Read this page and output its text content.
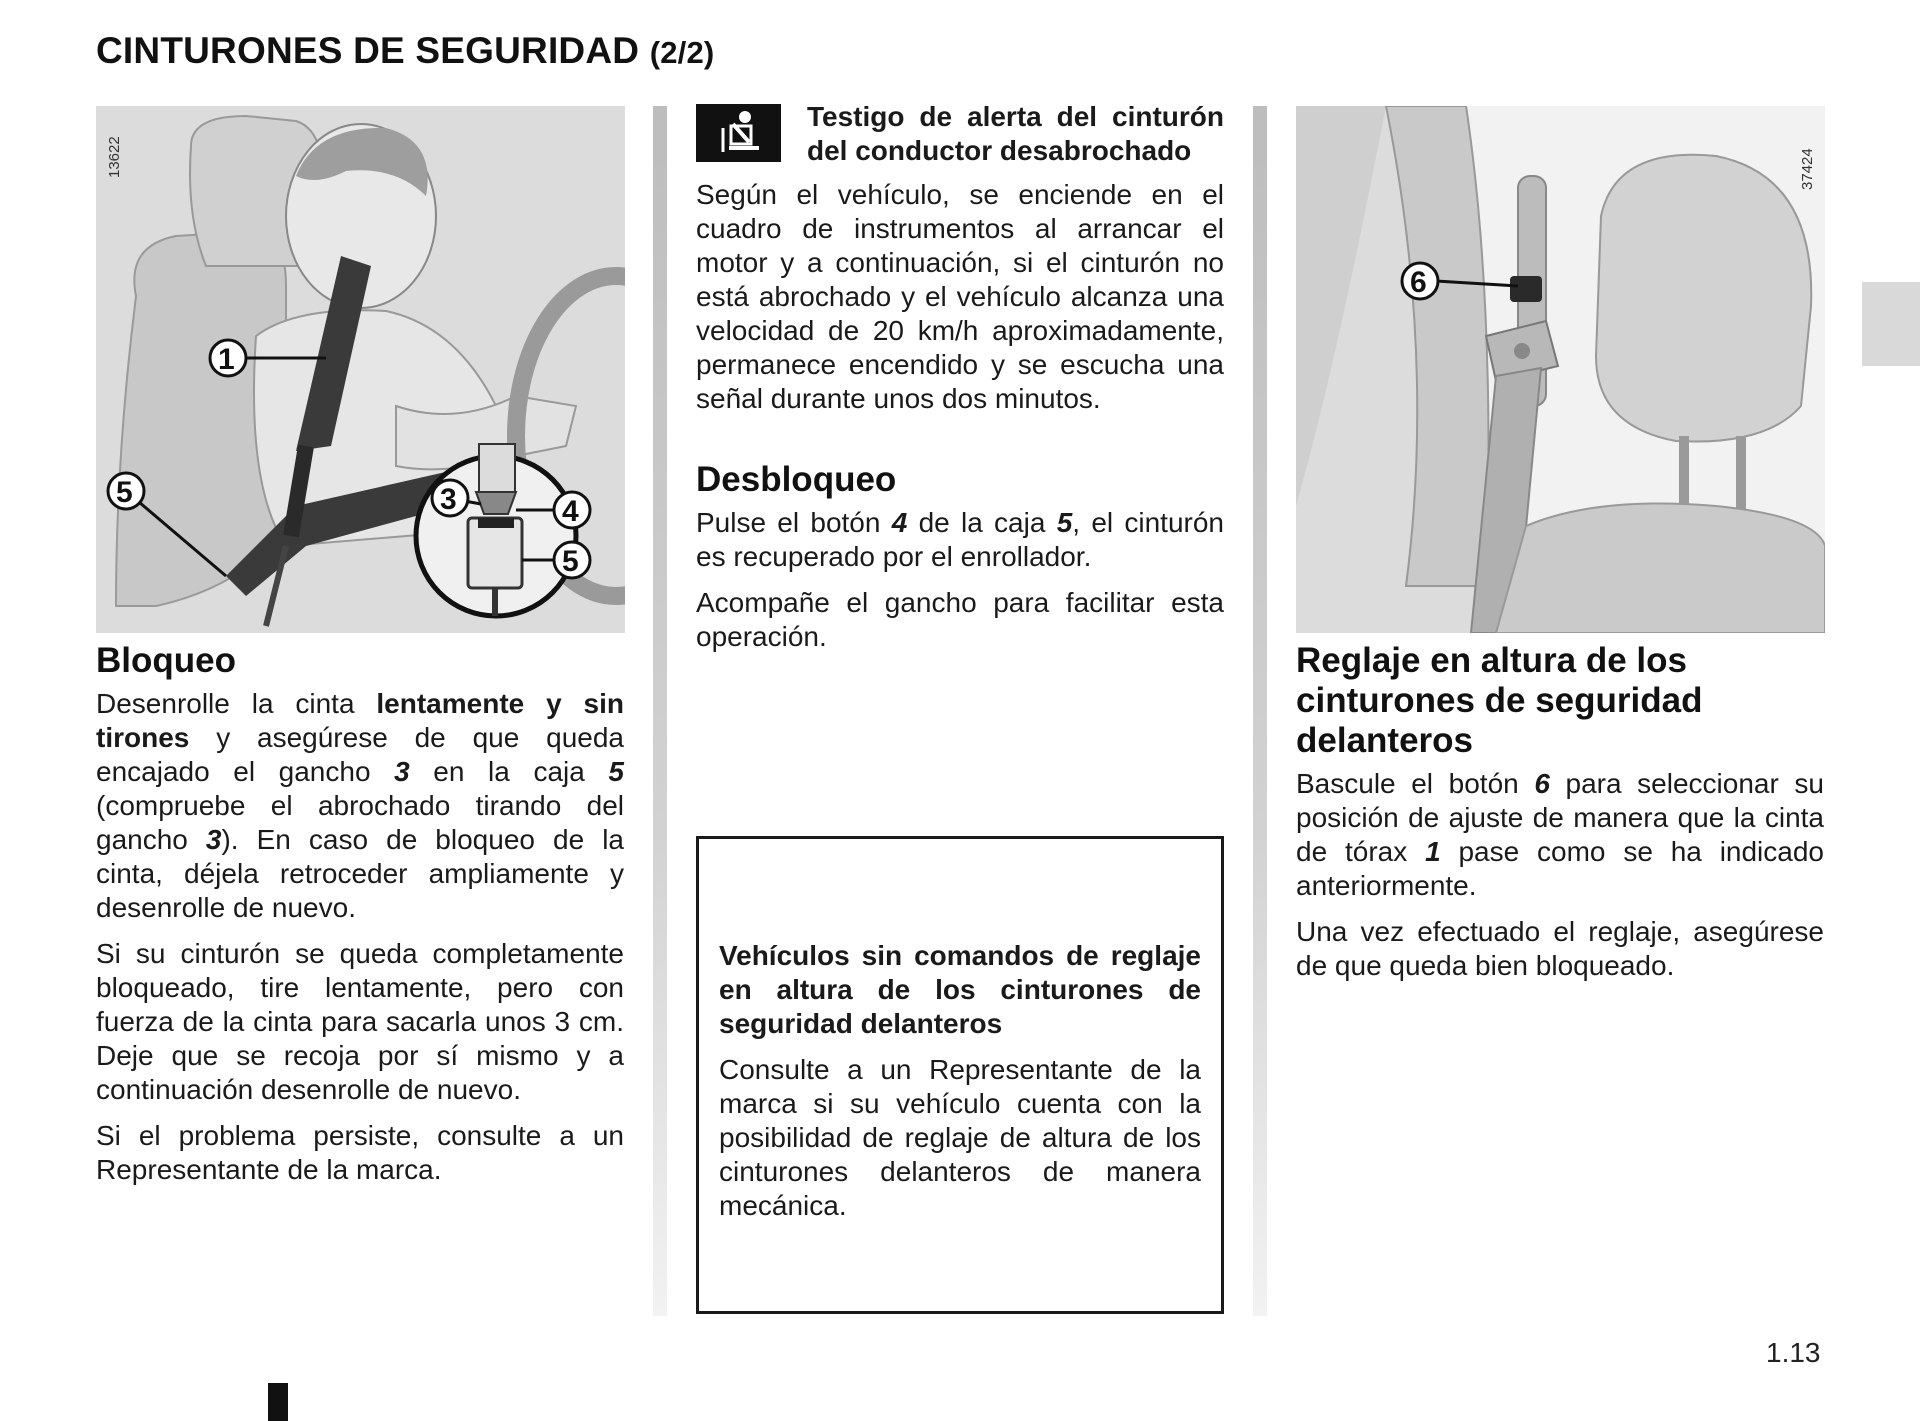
CINTURONES DE SEGURIDAD (2/2)
1
5	3	4
5
13622
6
37424
Bloqueo

Desenrolle la cinta lentamente y sin tirones y asegúrese de que queda encajado el gancho 3 en la caja 5 (compruebe el abrochado tirando del gancho 3). En caso de bloqueo de la cinta, déjela retroceder ampliamente y desenrolle de nuevo.

Si su cinturón se queda completamente bloqueado, tire lentamente, pero con fuerza de la cinta para sacarla unos 3 cm. Deje que se recoja por sí mismo y a continuación desenrolle de nuevo.

Si el problema persiste, consulte a un Representante de la marca.

Testigo de alerta del cinturón del conductor desabrochado

Según el vehículo, se enciende en el cuadro de instrumentos al arrancar el motor y a continuación, si el cinturón no está abrochado y el vehículo alcanza una velocidad de 20 km/h aproximadamente, permanece encendido y se escucha una señal durante unos dos minutos.

Desbloqueo

Pulse el botón 4 de la caja 5, el cinturón es recuperado por el enrollador.

Acompañe el gancho para facilitar esta operación.

Vehículos sin comandos de reglaje en altura de los cinturones de seguridad delanteros

Consulte a un Representante de la marca si su vehículo cuenta con la posibilidad de reglaje de altura de los cinturones delanteros de manera mecánica.

Reglaje en altura de los cinturones de seguridad delanteros

Bascule el botón 6 para seleccionar su posición de ajuste de manera que la cinta de tórax 1 pase como se ha indicado anteriormente.

Una vez efectuado el reglaje, asegúrese de que queda bien bloqueado.

1.13
